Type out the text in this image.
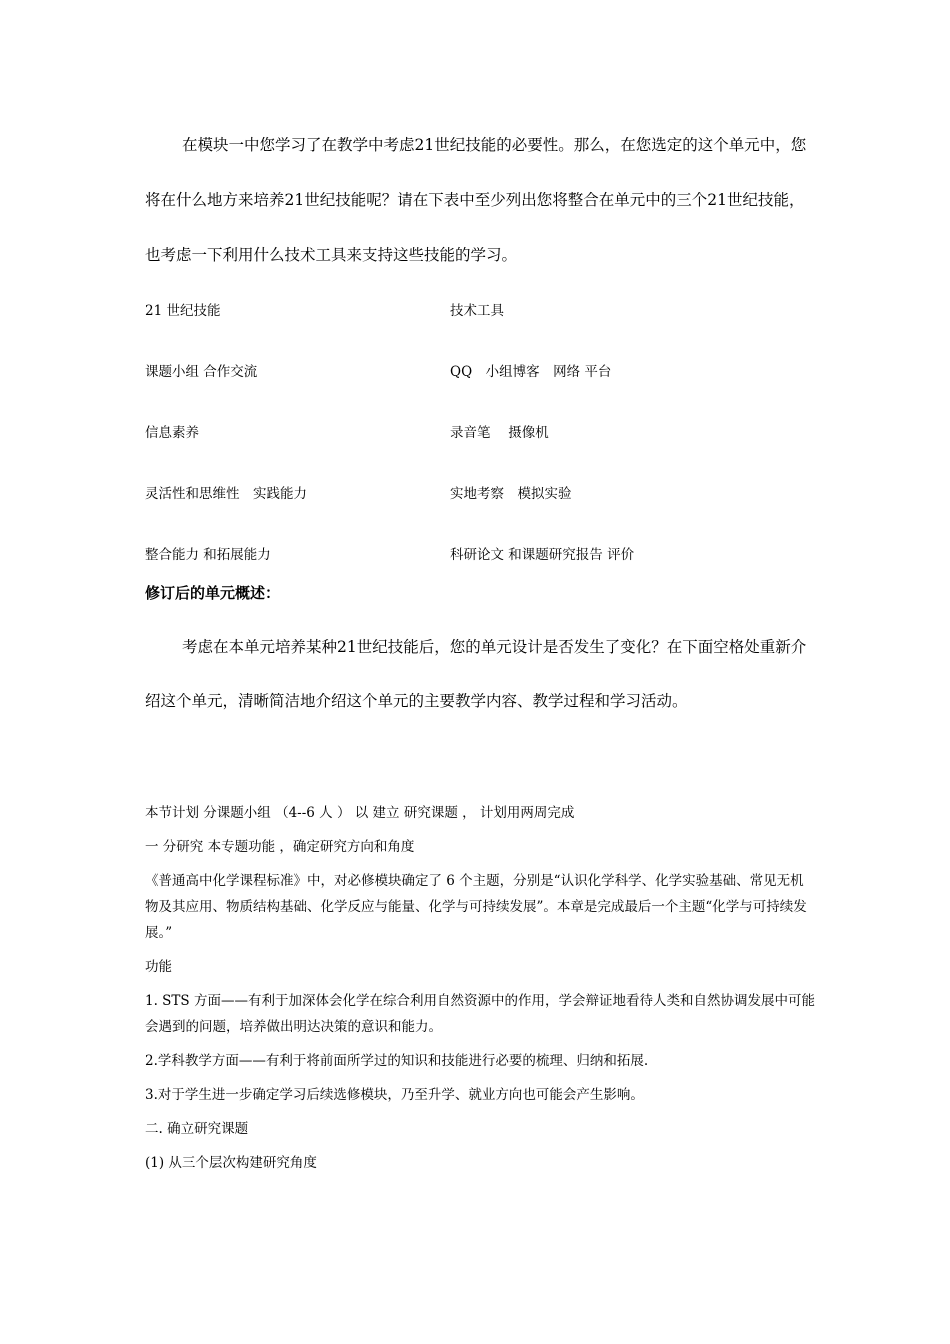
在模块一中您学习了在教学中考虑21世纪技能的必要性。那么，在您选定的这个单元中，您将在什么地方来培养21世纪技能呢？请在下表中至少列出您将整合在单元中的三个21世纪技能，也考虑一下利用什么技术工具来支持这些技能的学习。

21 世纪技能	技术工具
课题小组 合作交流	QQ　小组博客　网络 平台
信息素养	录音笔　 摄像机
灵活性和思维性　实践能力	实地考察　模拟实验
整合能力 和拓展能力	科研论文 和课题研究报告 评价
修订后的单元概述：

考虑在本单元培养某种21世纪技能后，您的单元设计是否发生了变化？在下面空格处重新介绍这个单元，清晰简洁地介绍这个单元的主要教学内容、教学过程和学习活动。

本节计划 分课题小组 （4--6 人 ） 以 建立 研究课题 ， 计划用两周完成

一 分研究 本专题功能 ，确定研究方向和角度

《普通高中化学课程标准》中，对必修模块确定了 6 个主题，分别是“认识化学科学、化学实验基础、常见无机物及其应用、物质结构基础、化学反应与能量、化学与可持续发展”。本章是完成最后一个主题“化学与可持续发展。”

功能

1. STS 方面——有利于加深体会化学在综合利用自然资源中的作用，学会辩证地看待人类和自然协调发展中可能会遇到的问题，培养做出明达决策的意识和能力。

2.学科教学方面——有利于将前面所学过的知识和技能进行必要的梳理、归纳和拓展.

3.对于学生进一步确定学习后续选修模块，乃至升学、就业方向也可能会产生影响。

二. 确立研究课题

(1) 从三个层次构建研究角度
